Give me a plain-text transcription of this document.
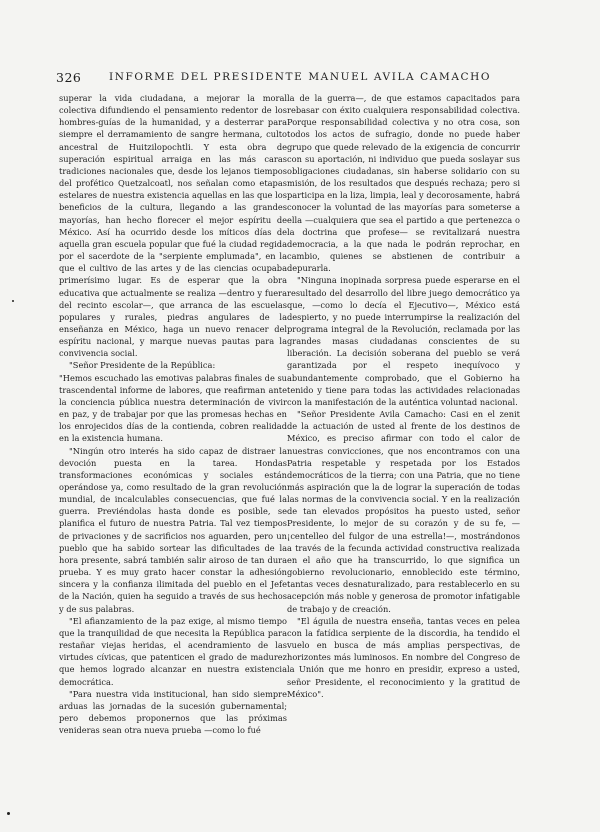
326	INFORME DEL PRESIDENTE MANUEL AVILA CAMACHO

superar la vida ciudadana, a mejorar la moral colectiva difundiendo el pensamiento redentor de los hombres-guías de la humanidad, y a desterrar para siempre el derramamiento de sangre hermana, culto ancestral de Huitzilopochtli. Y esta obra de superación espiritual arraiga en las más caras tradiciones nacionales que, desde los lejanos tiempos del profético Quetzalcoatl, nos señalan como etapas estelares de nuestra existencia aquellas en las que los beneficios de la cultura, llegando a las grandes mayorías, han hecho florecer el mejor espíritu de México. Así ha ocurrido desde los míticos días de aquella gran escuela popular que fué la ciudad regida por el sacerdote de la "serpiente emplumada", en la que el cultivo de las artes y de las ciencias ocupaba primerísimo lugar. Es de esperar que la obra educativa que actualmente se realiza —dentro y fuera del recinto escolar—, que arranca de las escuelas populares y rurales, piedras angulares de la enseñanza en México, haga un nuevo renacer del espíritu nacional, y marque nuevas pautas para la convivencia social.

"Señor Presidente de la República:

"Hemos escuchado las emotivas palabras finales de su trascendental informe de labores, que reafirman ante la conciencia pública nuestra determinación de vivir en paz, y de trabajar por que las promesas hechas en los enrojecidos días de la contienda, cobren realidad en la existencia humana.

"Ningún otro interés ha sido capaz de distraer la devoción puesta en la tarea. Hondas transformaciones económicas y sociales están operándose ya, como resultado de la gran revolución mundial, de incalculables consecuencias, que fué la guerra. Previéndolas hasta donde es posible, se planifica el futuro de nuestra Patria. Tal vez tiempos de privaciones y de sacrificios nos aguarden, pero un pueblo que ha sabido sortear las dificultades de la hora presente, sabrá también salir airoso de tan dura prueba. Y es muy grato hacer constar la adhesión sincera y la confianza ilimitada del pueblo en el Jefe de la Nación, quien ha seguido a través de sus hechos y de sus palabras.

"El afianzamiento de la paz exige, al mismo tiempo que la tranquilidad de que necesita la República para restañar viejas heridas, el acendramiento de las virtudes cívicas, que patenticen el grado de madurez que hemos logrado alcanzar en nuestra existencia democrática.

"Para nuestra vida institucional, han sido siempre arduas las jornadas de la sucesión gubernamental; pero debemos proponernos que las próximas venideras sean otra nueva prueba —como lo fué

la de la guerra—, de que estamos capacitados para rebasar con éxito cualquiera responsabilidad colectiva. Porque responsabilidad colectiva y no otra cosa, son todos los actos de sufragio, donde no puede haber grupo que quede relevado de la exigencia de concurrir con su aportación, ni individuo que pueda soslayar sus obligaciones ciudadanas, sin haberse solidario con su misión, de los resultados que después rechaza; pero si participa en la liza, limpia, leal y decorosamente, habrá conocer la voluntad de las mayorías para someterse a ella —cualquiera que sea el partido a que pertenezca o la doctrina que profese— se revitalizará nuestra democracia, a la que nada le podrán reprochar, en cambio, quienes se abstienen de contribuir a depurarla.

"Ninguna inopinada sorpresa puede esperarse en el resultado del desarrollo del libre juego democrático ya que, —como lo decía el Ejecutivo—, México está despierto, y no puede interrumpirse la realización del programa integral de la Revolución, reclamada por las grandes masas ciudadanas conscientes de su liberación. La decisión soberana del pueblo se verá garantizada por el respeto inequívoco y abundantemente comprobado, que el Gobierno ha tenido y tiene para todas las actividades relacionadas con la manifestación de la auténtica voluntad nacional.

"Señor Presidente Avila Camacho: Casi en el zenit de la actuación de usted al frente de los destinos de México, es preciso afirmar con todo el calor de nuestras convicciones, que nos encontramos con una Patria respetable y respetada por los Estados democráticos de la tierra; con una Patria, que no tiene más aspiración que la de lograr la superación de todas las normas de la convivencia social. Y en la realización de tan elevados propósitos ha puesto usted, señor Presidente, lo mejor de su corazón y de su fe, —¡centelleo del fulgor de una estrella!—, mostrándonos a través de la fecunda actividad constructiva realizada en el año que ha transcurrido, lo que significa un gobierno revolucionario, ennoblecido este término, tantas veces desnaturalizado, para restablecerlo en su acepción más noble y generosa de promotor infatigable de trabajo y de creación.

"El águila de nuestra enseña, tantas veces en pelea con la fatídica serpiente de la discordia, ha tendido el vuelo en busca de más amplias perspectivas, de horizontes más luminosos. En nombre del Congreso de la Unión que me honro en presidir, expreso a usted, señor Presidente, el reconocimiento y la gratitud de México".
